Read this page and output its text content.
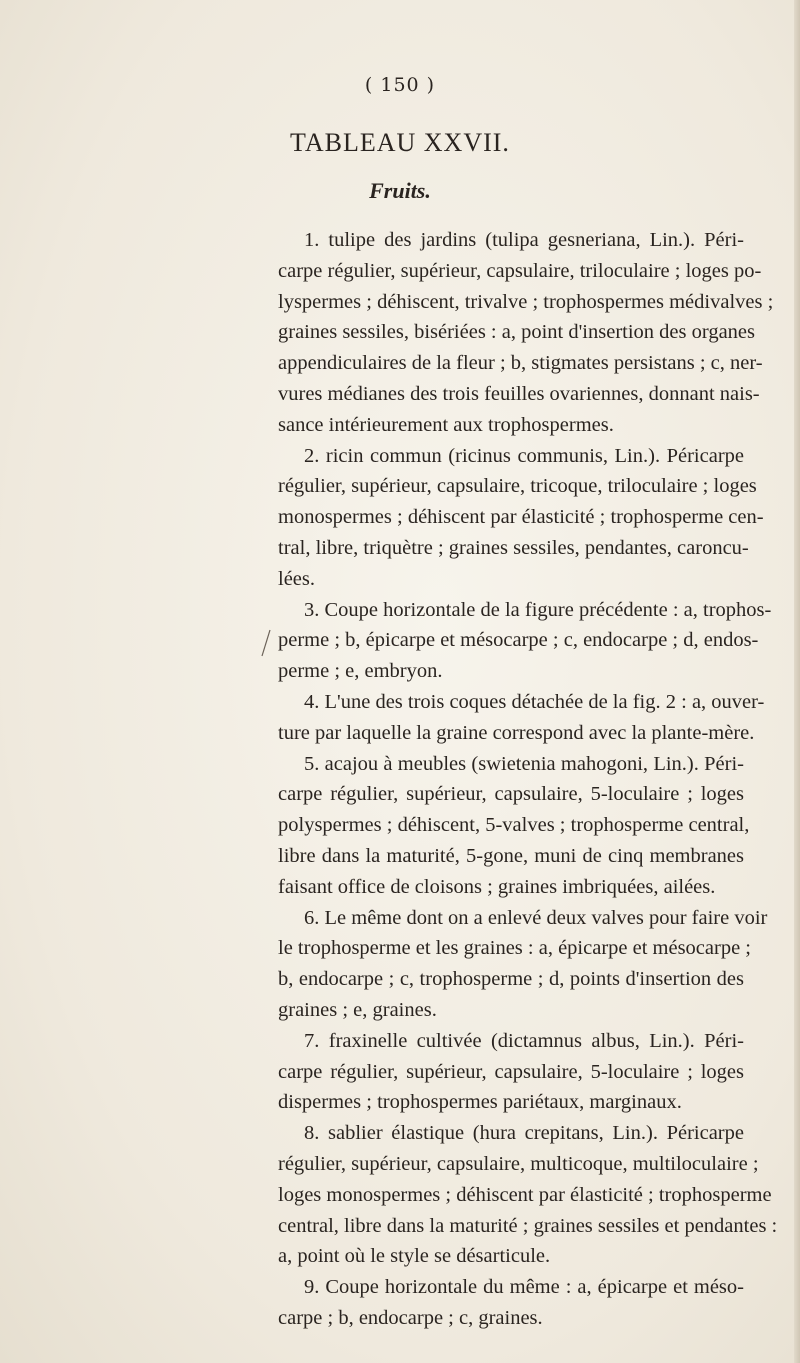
( 150 )
TABLEAU XXVII.
Fruits.
1. tulipe des jardins (tulipa gesneriana, Lin.). Péri-
carpe régulier, supérieur, capsulaire, triloculaire ; loges po-
lyspermes ; déhiscent, trivalve ; trophospermes médivalves ;
graines sessiles, bisériées : a, point d'insertion des organes
appendiculaires de la fleur ; b, stigmates persistans ; c, ner-
vures médianes des trois feuilles ovariennes, donnant nais-
sance intérieurement aux trophospermes.
2. ricin commun (ricinus communis, Lin.). Péricarpe
régulier, supérieur, capsulaire, tricoque, triloculaire ; loges
monospermes ; déhiscent par élasticité ; trophosperme cen-
tral, libre, triquètre ; graines sessiles, pendantes, caroncu-
lées.
3. Coupe horizontale de la figure précédente : a, trophos-
perme ; b, épicarpe et mésocarpe ; c, endocarpe ; d, endos-
perme ; e, embryon.
4. L'une des trois coques détachée de la fig. 2 : a, ouver-
ture par laquelle la graine correspond avec la plante-mère.
5. acajou à meubles (swietenia mahogoni, Lin.). Péri-
carpe régulier, supérieur, capsulaire, 5-loculaire ; loges
polyspermes ; déhiscent, 5-valves ; trophosperme central,
libre dans la maturité, 5-gone, muni de cinq membranes
faisant office de cloisons ; graines imbriquées, ailées.
6. Le même dont on a enlevé deux valves pour faire voir
le trophosperme et les graines : a, épicarpe et mésocarpe ;
b, endocarpe ; c, trophosperme ; d, points d'insertion des
graines ; e, graines.
7. fraxinelle cultivée (dictamnus albus, Lin.). Péri-
carpe régulier, supérieur, capsulaire, 5-loculaire ; loges
dispermes ; trophospermes pariétaux, marginaux.
8. sablier élastique (hura crepitans, Lin.). Péricarpe
régulier, supérieur, capsulaire, multicoque, multiloculaire ;
loges monospermes ; déhiscent par élasticité ; trophosperme
central, libre dans la maturité ; graines sessiles et pendantes :
a, point où le style se désarticule.
9. Coupe horizontale du même : a, épicarpe et méso-
carpe ; b, endocarpe ; c, graines.
